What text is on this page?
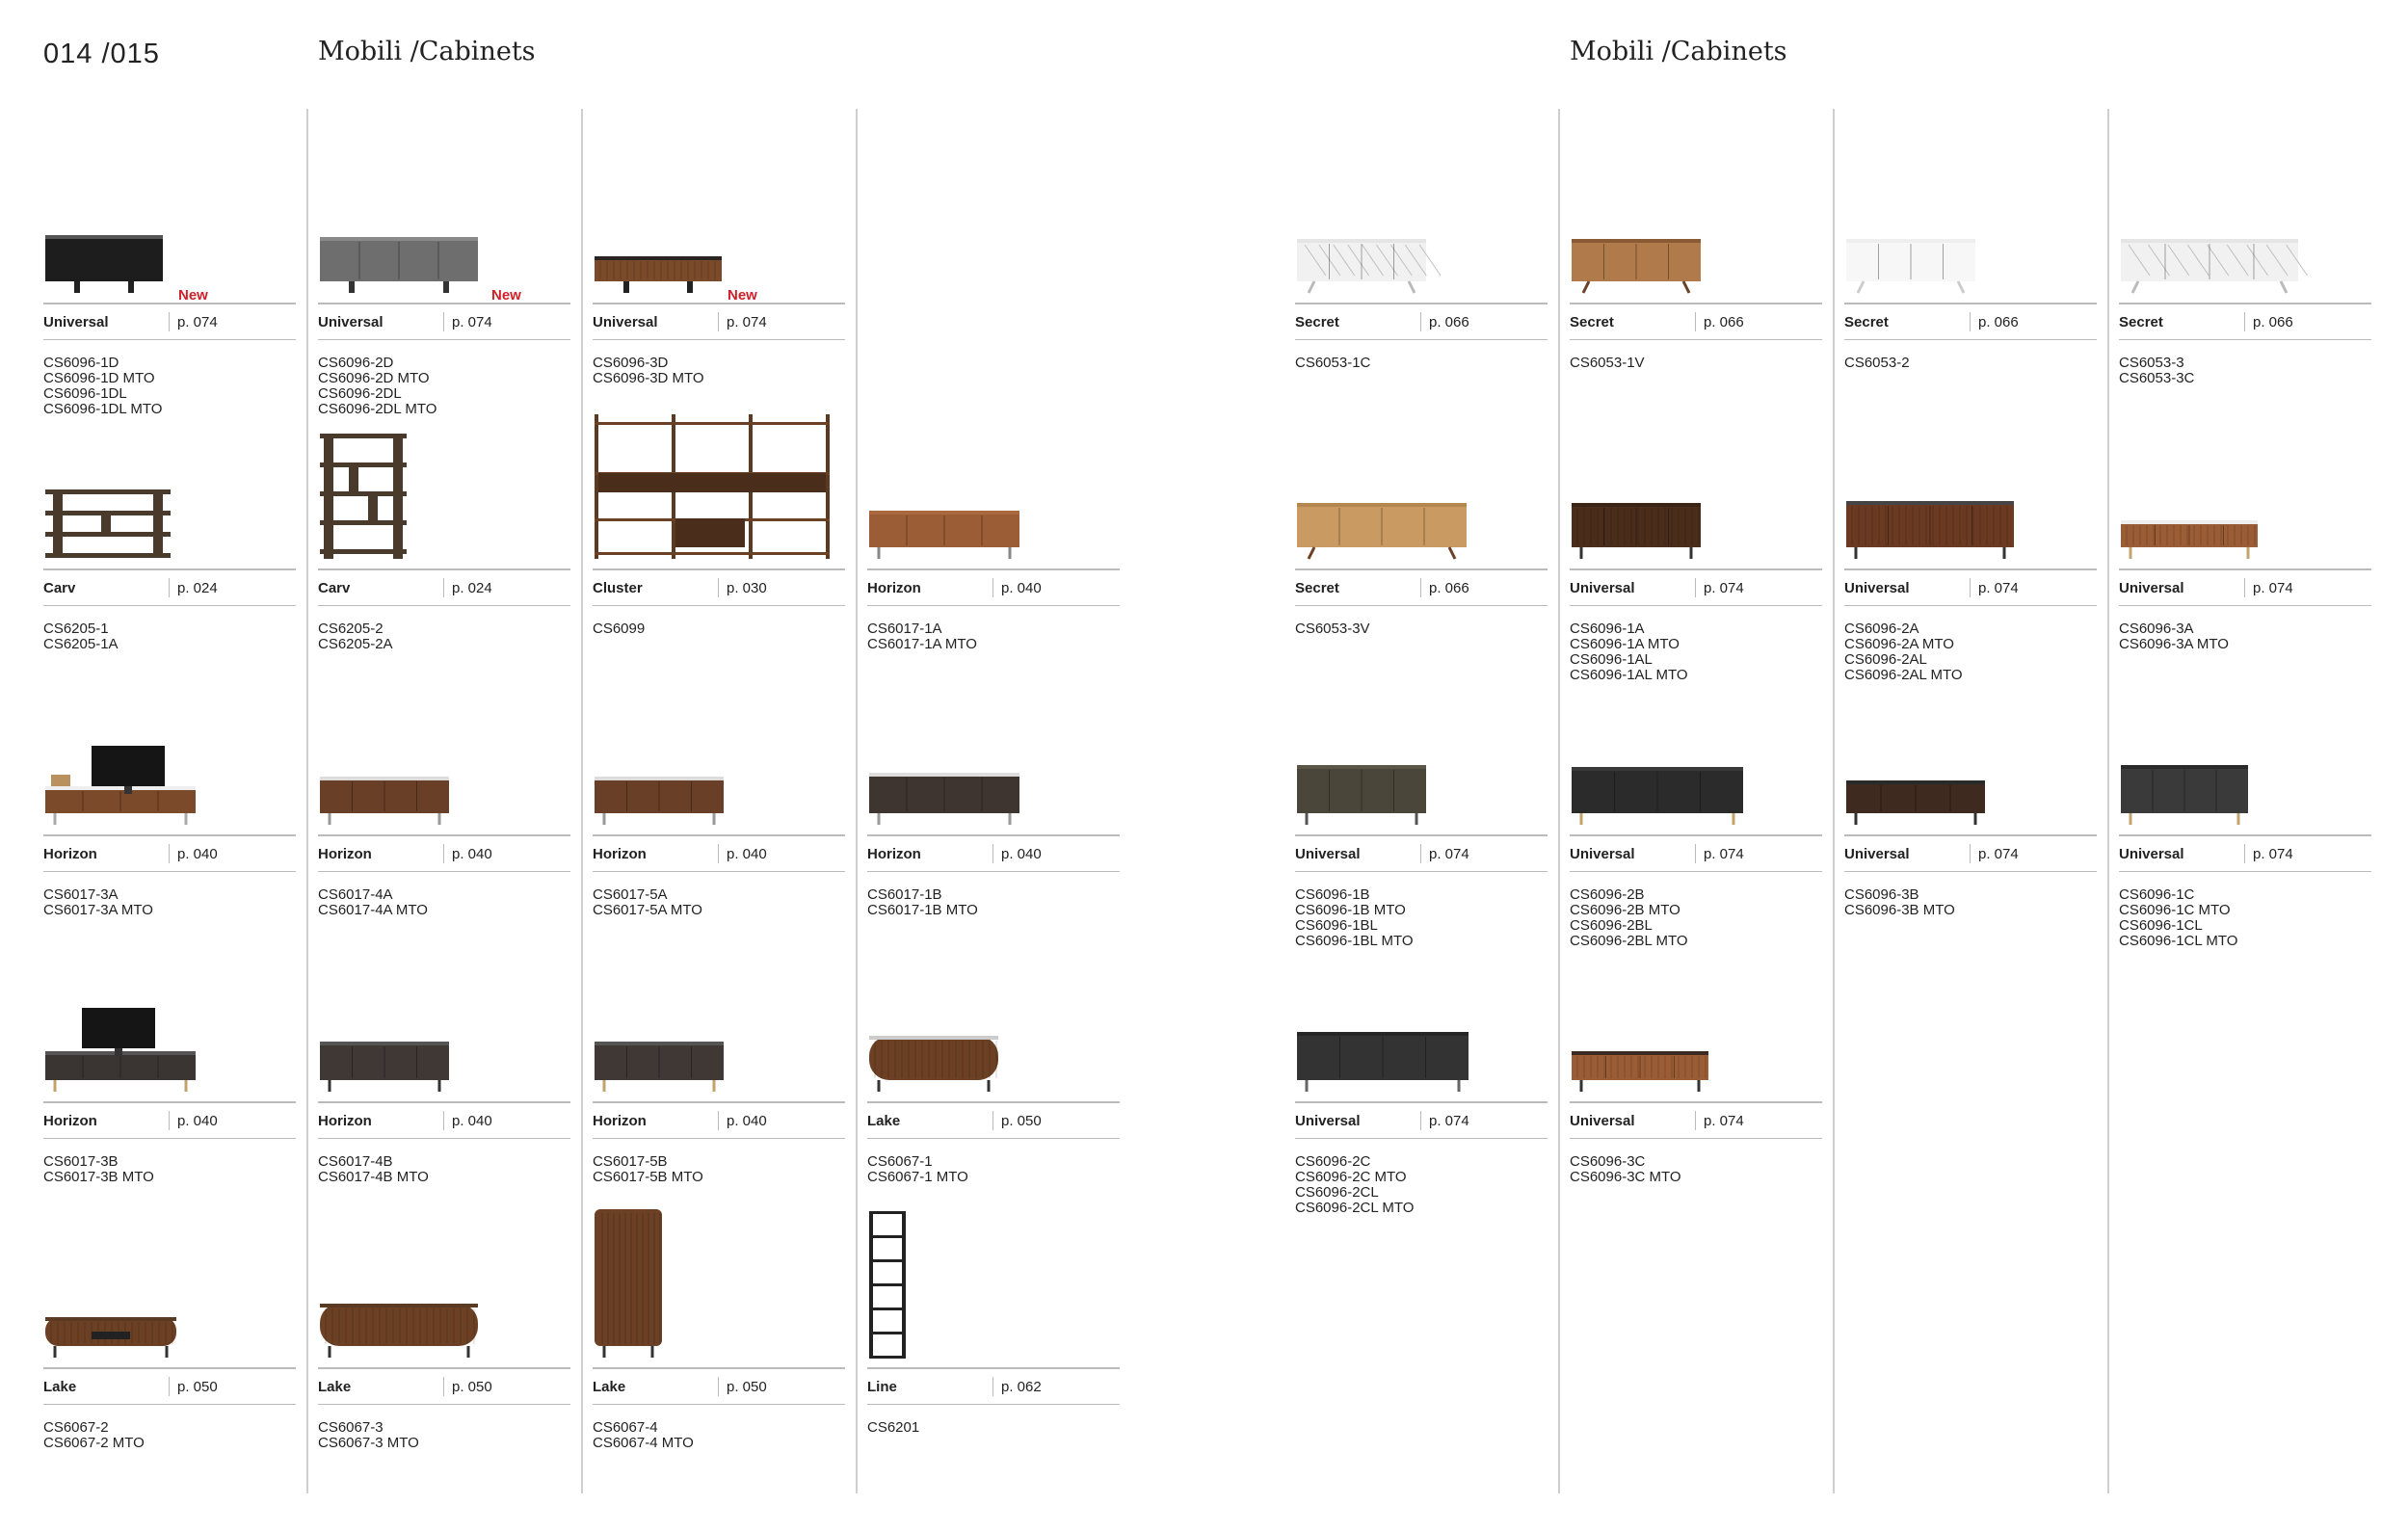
014 /015	Mobili /Cabinets	Mobili /Cabinets
New
Universal	p. 074
CS6096-1D
CS6096-1D MTO
CS6096-1DL
CS6096-1DL MTO
New
Universal	p. 074
CS6096-2D
CS6096-2D MTO
CS6096-2DL
CS6096-2DL MTO
New
Universal	p. 074
CS6096-3D
CS6096-3D MTO
Carv	p. 024
CS6205-1
CS6205-1A
Carv	p. 024
CS6205-2
CS6205-2A
Cluster	p. 030
CS6099
Horizon	p. 040
CS6017-1A
CS6017-1A MTO
Horizon	p. 040
CS6017-3A
CS6017-3A MTO
Horizon	p. 040
CS6017-4A
CS6017-4A MTO
Horizon	p. 040
CS6017-5A
CS6017-5A MTO
Horizon	p. 040
CS6017-1B
CS6017-1B MTO
Horizon	p. 040
CS6017-3B
CS6017-3B MTO
Horizon	p. 040
CS6017-4B
CS6017-4B MTO
Horizon	p. 040
CS6017-5B
CS6017-5B MTO
Lake	p. 050
CS6067-1
CS6067-1 MTO
Lake	p. 050
CS6067-2
CS6067-2 MTO
Lake	p. 050
CS6067-3
CS6067-3 MTO
Lake	p. 050
CS6067-4
CS6067-4 MTO
Line	p. 062
CS6201
Secret	p. 066
CS6053-1C
Secret	p. 066
CS6053-1V
Secret	p. 066
CS6053-2
Secret	p. 066
CS6053-3
CS6053-3C
Secret	p. 066
CS6053-3V
Universal	p. 074
CS6096-1A
CS6096-1A MTO
CS6096-1AL
CS6096-1AL MTO
Universal	p. 074
CS6096-2A
CS6096-2A MTO
CS6096-2AL
CS6096-2AL MTO
Universal	p. 074
CS6096-3A
CS6096-3A MTO
Universal	p. 074
CS6096-1B
CS6096-1B MTO
CS6096-1BL
CS6096-1BL MTO
Universal	p. 074
CS6096-2B
CS6096-2B MTO
CS6096-2BL
CS6096-2BL MTO
Universal	p. 074
CS6096-3B
CS6096-3B MTO
Universal	p. 074
CS6096-1C
CS6096-1C MTO
CS6096-1CL
CS6096-1CL MTO
Universal	p. 074
CS6096-2C
CS6096-2C MTO
CS6096-2CL
CS6096-2CL MTO
Universal	p. 074
CS6096-3C
CS6096-3C MTO
